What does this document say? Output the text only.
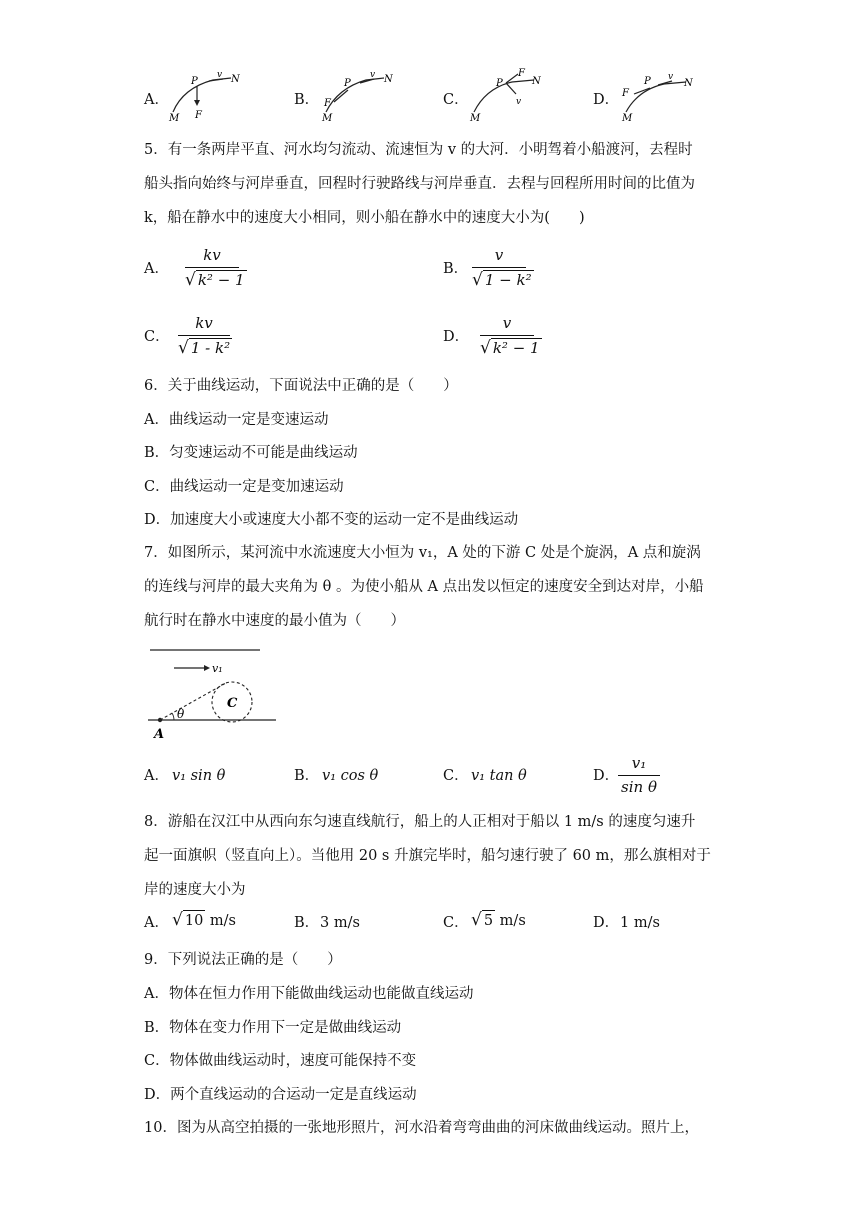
A．
P	N
M F
v
B．
P	N
M
F
v
C．
P	N
M
F
v	D．
P	N
M
F
v
5．有一条两岸平直、河水均匀流动、流速恒为 v 的大河．小明驾着小船渡河，去程时
船头指向始终与河岸垂直，回程时行驶路线与河岸垂直．去程与回程所用时间的比值为
k，船在静水中的速度大小相同，则小船在静水中的速度大小为(　　)
A． $\frac{kv}{\text{√ k² − 1}}$	B． $\frac{v}{\text{√ 1 − k²}}$
C． $\frac{kv}{\text{√ 1 - k²}}$	D． $\frac{v}{\text{√ k² − 1}}$
6．关于曲线运动，下面说法中正确的是（　　）
A．曲线运动一定是变速运动
B．匀变速运动不可能是曲线运动
C．曲线运动一定是变加速运动
D．加速度大小或速度大小都不变的运动一定不是曲线运动
7．如图所示，某河流中水流速度大小恒为 v₁，A 处的下游 C 处是个旋涡，A 点和旋涡
的连线与河岸的最大夹角为 θ 。为使小船从 A 点出发以恒定的速度安全到达对岸，小船
航行时在静水中速度的最小值为（　　）
v₁
C
θ
A
A． v₁ sin θ	B． v₁ cos θ	C． v₁ tan θ	D．
$\frac{\text{v₁}}{\text{sin θ}}$
8．游船在汉江中从西向东匀速直线航行，船上的人正相对于船以 1 m/s 的速度匀速升
起一面旗帜（竖直向上）。当他用 20 s 升旗完毕时，船匀速行驶了 60 m，那么旗相对于
岸的速度大小为
A． √ 10 m/s	B． 3 m/s	C． √ 5 m/s	D． 1 m/s
9．下列说法正确的是（　　）
A．物体在恒力作用下能做曲线运动也能做直线运动
B．物体在变力作用下一定是做曲线运动
C．物体做曲线运动时，速度可能保持不变
D．两个直线运动的合运动一定是直线运动
10．图为从高空拍摄的一张地形照片，河水沿着弯弯曲曲的河床做曲线运动。照片上，
